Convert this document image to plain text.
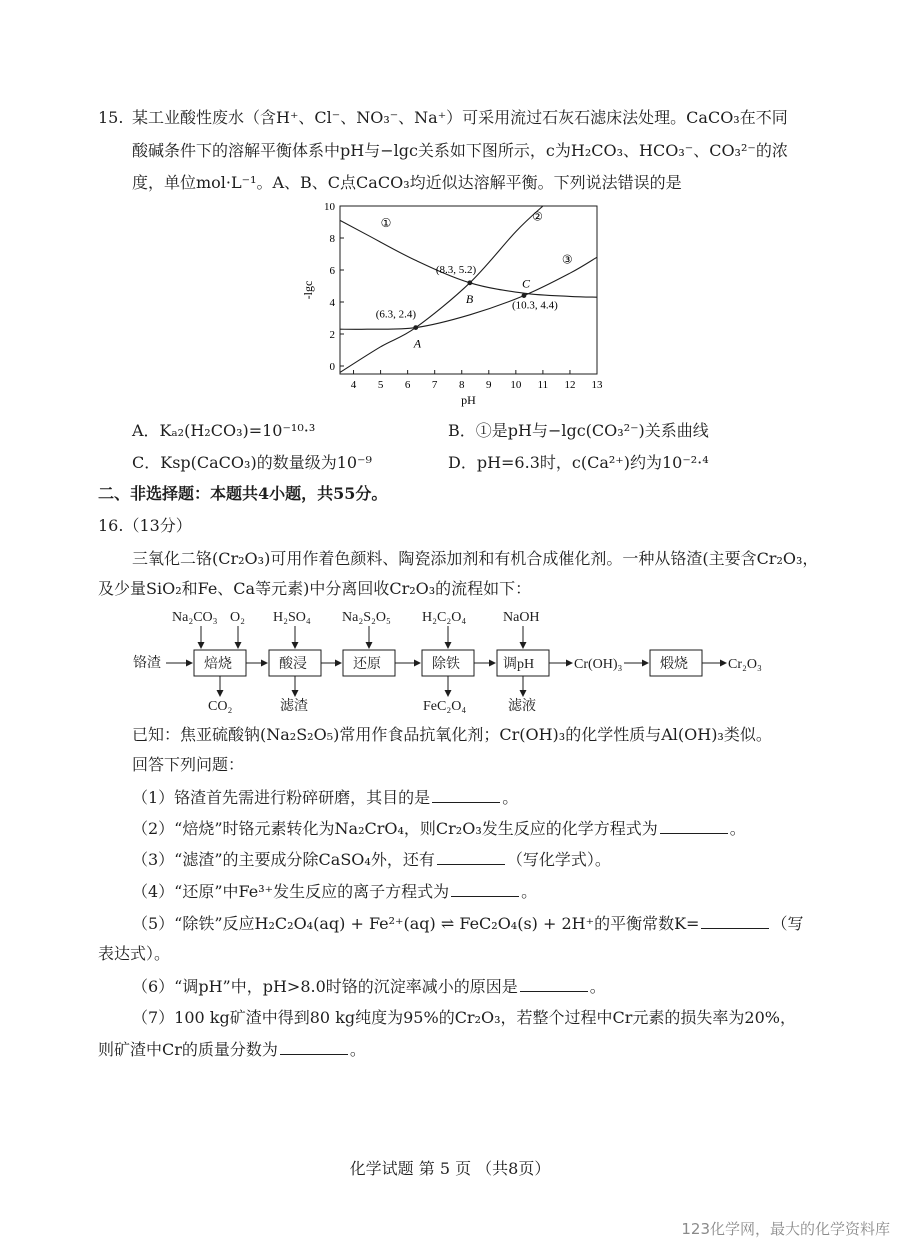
15. 某工业酸性废水（含H⁺、Cl⁻、NO₃⁻、Na⁺）可采用流过石灰石滤床法处理。CaCO₃在不同
酸碱条件下的溶解平衡体系中pH与−lgc关系如下图所示，c为H₂CO₃、HCO₃⁻、CO₃²⁻的浓
度，单位mol·L⁻¹。A、B、C点CaCO₃均近似达溶解平衡。下列说法错误的是
4 5 6 7 8 9 10 11 12 13
0
2
4
6
8
10
pH
-lgc
①	②
③
(6.3, 2.4)
A
(8.3, 5.2)
B	(10.3, 4.4)
C
A．Kₐ₂(H₂CO₃)=10⁻¹⁰·³	B．①是pH与−lgc(CO₃²⁻)关系曲线
C．Ksp(CaCO₃)的数量级为10⁻⁹	D．pH=6.3时，c(Ca²⁺)约为10⁻²·⁴
二、非选择题：本题共4小题，共55分。
16.（13分）
三氧化二铬(Cr₂O₃)可用作着色颜料、陶瓷添加剂和有机合成催化剂。一种从铬渣(主要含Cr₂O₃，
及少量SiO₂和Fe、Ca等元素)中分离回收Cr₂O₃的流程如下：
铬渣	焙烧	酸浸	还原	除铁	调pH	煅烧
Cr(OH)₃	Cr₂O₃
Na₂CO₃ O₂ H₂SO₄ Na₂S₂O₅ H₂C₂O₄	NaOH
CO₂	滤渣	FeC₂O₄	滤液
已知：焦亚硫酸钠(Na₂S₂O₅)常用作食品抗氧化剂；Cr(OH)₃的化学性质与Al(OH)₃类似。
回答下列问题：
（1）铬渣首先需进行粉碎研磨，其目的是	。
（2）“焙烧”时铬元素转化为Na₂CrO₄，则Cr₂O₃发生反应的化学方程式为	。
（3）“滤渣”的主要成分除CaSO₄外，还有	（写化学式）。
（4）“还原”中Fe³⁺发生反应的离子方程式为	。
（5）“除铁”反应H₂C₂O₄(aq) + Fe²⁺(aq) ⇌ FeC₂O₄(s) + 2H⁺的平衡常数K=	（写
表达式）。
（6）“调pH”中，pH>8.0时铬的沉淀率减小的原因是	。
（7）100 kg矿渣中得到80 kg纯度为95%的Cr₂O₃，若整个过程中Cr元素的损失率为20%，
则矿渣中Cr的质量分数为	。
化学试题 第 5 页 （共8页）
123化学网，最大的化学资料库
